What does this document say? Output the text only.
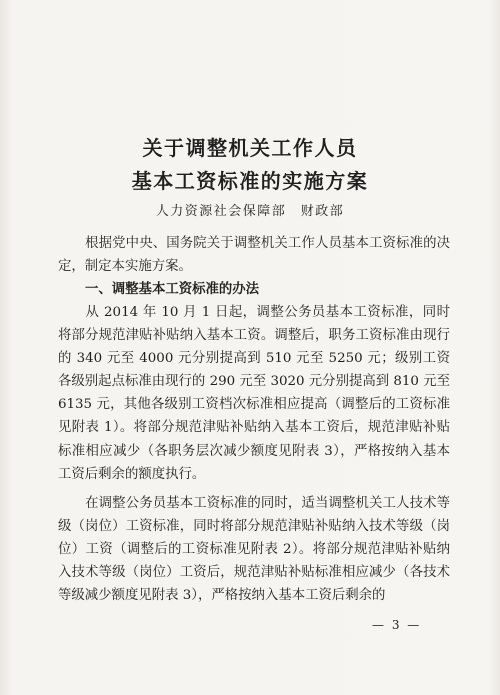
关于调整机关工作人员
基本工资标准的实施方案
人力资源社会保障部　财政部
根据党中央、国务院关于调整机关工作人员基本工资标准的决定，制定本实施方案。
一、调整基本工资标准的办法
从 2014 年 10 月 1 日起，调整公务员基本工资标准，同时将部分规范津贴补贴纳入基本工资。调整后，职务工资标准由现行的 340 元至 4000 元分别提高到 510 元至 5250 元；级别工资各级别起点标准由现行的 290 元至 3020 元分别提高到 810 元至 6135 元，其他各级别工资档次标准相应提高（调整后的工资标准见附表 1）。将部分规范津贴补贴纳入基本工资后，规范津贴补贴标准相应减少（各职务层次减少额度见附表 3），严格按纳入基本工资后剩余的额度执行。
在调整公务员基本工资标准的同时，适当调整机关工人技术等级（岗位）工资标准，同时将部分规范津贴补贴纳入技术等级（岗位）工资（调整后的工资标准见附表 2）。将部分规范津贴补贴纳入技术等级（岗位）工资后，规范津贴补贴标准相应减少（各技术等级减少额度见附表 3），严格按纳入基本工资后剩余的
— 3 —
